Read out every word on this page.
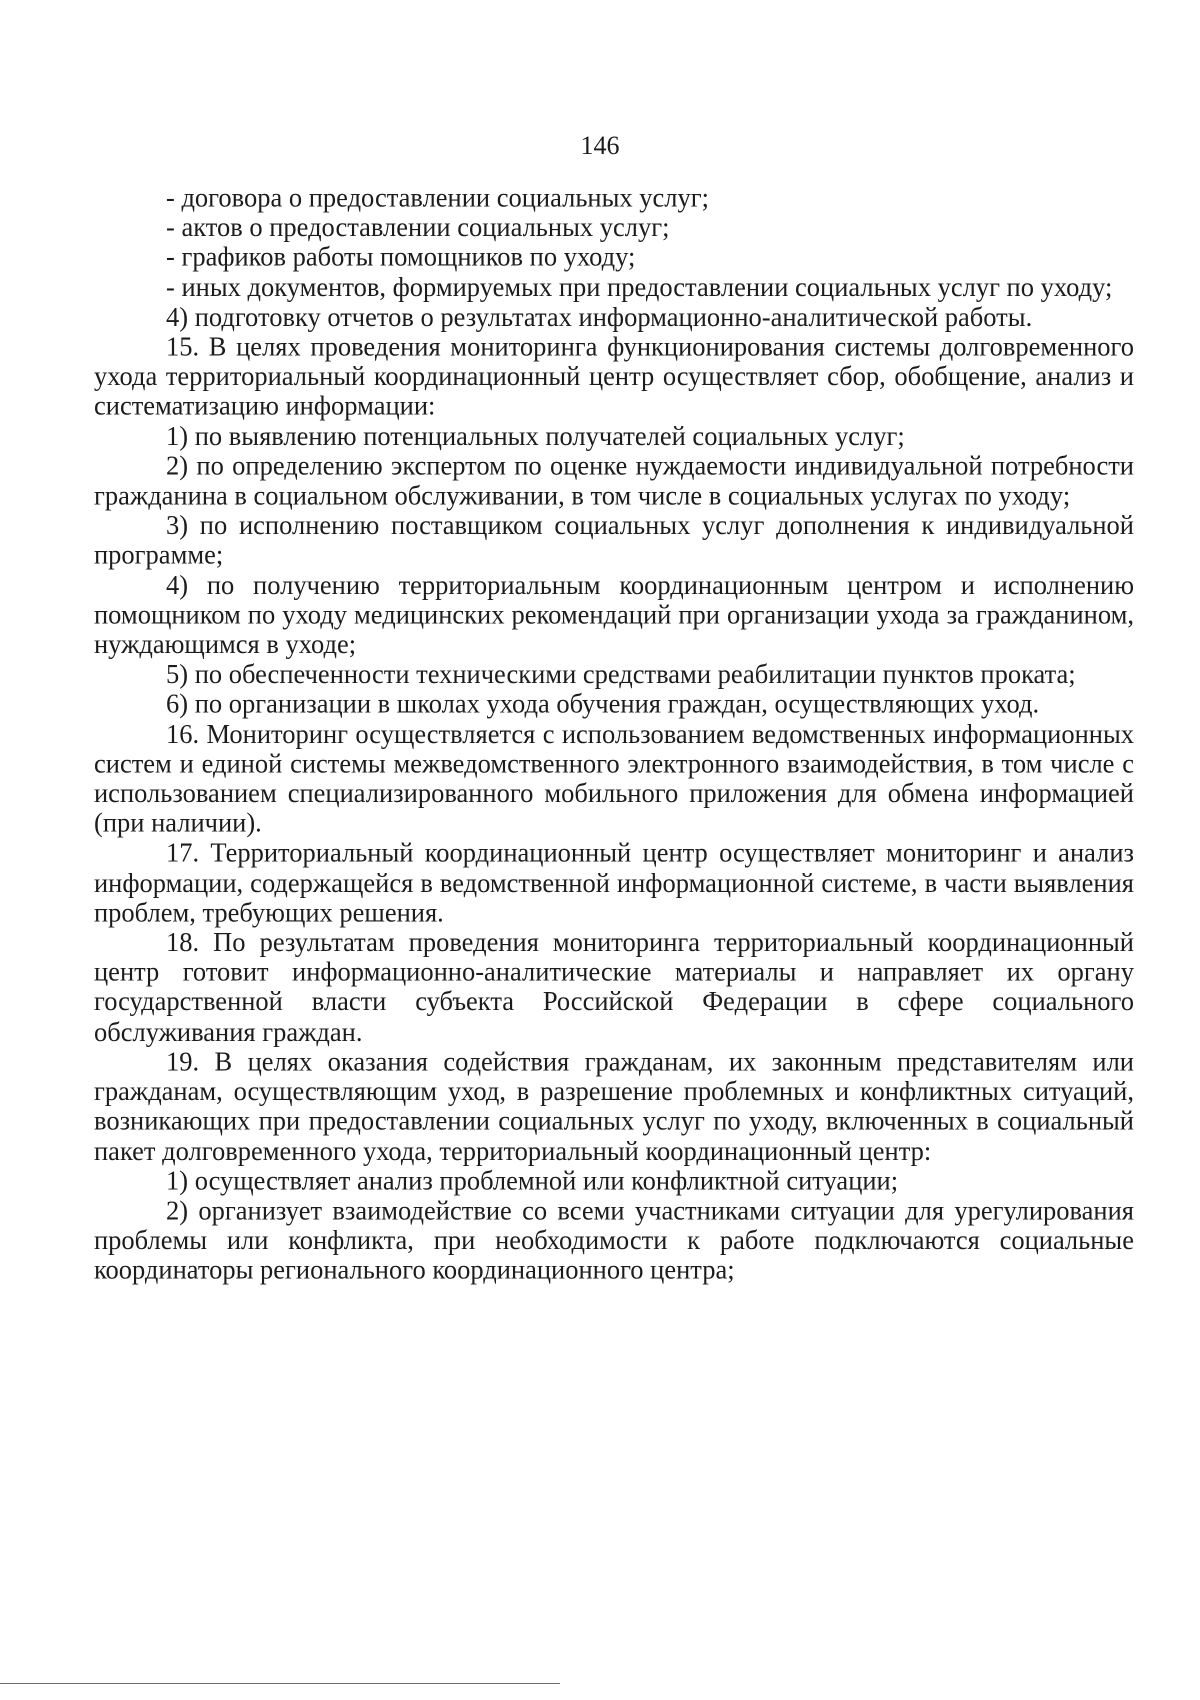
146

- договора о предоставлении социальных услуг;

- актов о предоставлении социальных услуг;

- графиков работы помощников по уходу;

- иных документов, формируемых при предоставлении социальных услуг по уходу;

4) подготовку отчетов о результатах информационно-аналитической работы.

15. В целях проведения мониторинга функционирования системы долговременного ухода территориальный координационный центр осуществляет сбор, обобщение, анализ и систематизацию информации:

1) по выявлению потенциальных получателей социальных услуг;

2) по определению экспертом по оценке нуждаемости индивидуальной потребности гражданина в социальном обслуживании, в том числе в социальных услугах по уходу;

3) по исполнению поставщиком социальных услуг дополнения к индивидуальной программе;

4) по получению территориальным координационным центром и исполнению помощником по уходу медицинских рекомендаций при организации ухода за гражданином, нуждающимся в уходе;

5) по обеспеченности техническими средствами реабилитации пунктов проката;

6) по организации в школах ухода обучения граждан, осуществляющих уход.

16. Мониторинг осуществляется с использованием ведомственных информационных систем и единой системы межведомственного электронного взаимодействия, в том числе с использованием специализированного мобильного приложения для обмена информацией (при наличии).

17. Территориальный координационный центр осуществляет мониторинг и анализ информации, содержащейся в ведомственной информационной системе, в части выявления проблем, требующих решения.

18. По результатам проведения мониторинга территориальный координационный центр готовит информационно-аналитические материалы и направляет их органу государственной власти субъекта Российской Федерации в сфере социального обслуживания граждан.

19. В целях оказания содействия гражданам, их законным представителям или гражданам, осуществляющим уход, в разрешение проблемных и конфликтных ситуаций, возникающих при предоставлении социальных услуг по уходу, включенных в социальный пакет долговременного ухода, территориальный координационный центр:

1) осуществляет анализ проблемной или конфликтной ситуации;

2) организует взаимодействие со всеми участниками ситуации для урегулирования проблемы или конфликта, при необходимости к работе подключаются социальные координаторы регионального координационного центра;
